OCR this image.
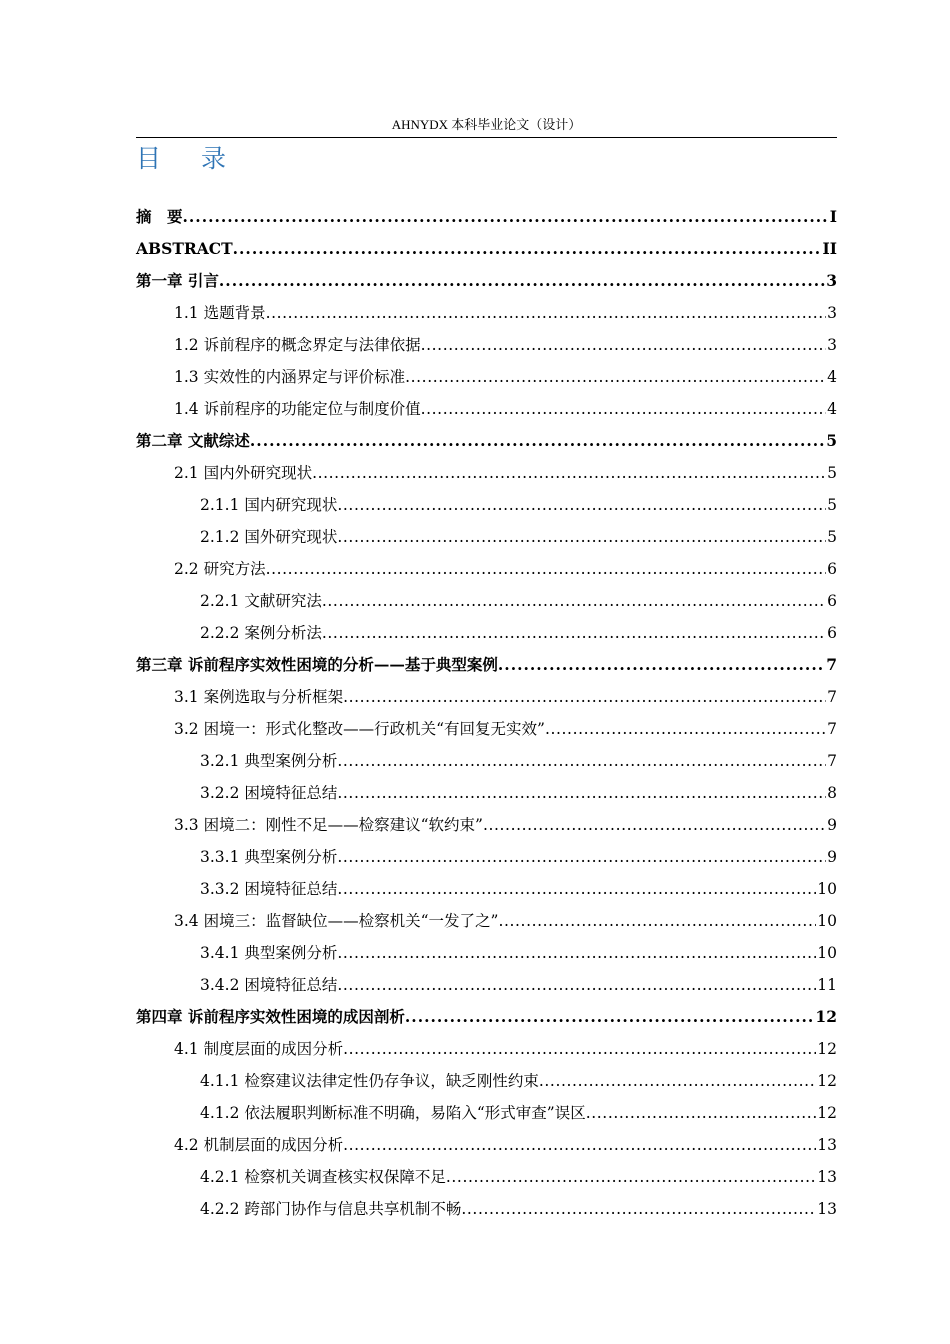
AHNYDX 本科毕业论文（设计）
目 录
摘　要 .....	I
ABSTRACT .....	II
第一章 引言 .....	3
1.1 选题背景 .....	3
1.2 诉前程序的概念界定与法律依据 .....	3
1.3 实效性的内涵界定与评价标准 .....	4
1.4 诉前程序的功能定位与制度价值 .....	4
第二章 文献综述 .....	5
2.1 国内外研究现状 .....	5
2.1.1 国内研究现状 .....	5
2.1.2 国外研究现状 .....	5
2.2 研究方法 .....	6
2.2.1 文献研究法 .....	6
2.2.2 案例分析法 .....	6
第三章 诉前程序实效性困境的分析——基于典型案例 .....	7
3.1 案例选取与分析框架 .....	7
3.2 困境一：形式化整改——行政机关“有回复无实效” .....	7
3.2.1 典型案例分析 .....	7
3.2.2 困境特征总结 .....	8
3.3 困境二：刚性不足——检察建议“软约束” .....	9
3.3.1 典型案例分析 .....	9
3.3.2 困境特征总结 .....	10
3.4 困境三：监督缺位——检察机关“一发了之” .....	10
3.4.1 典型案例分析 .....	10
3.4.2 困境特征总结 .....	11
第四章 诉前程序实效性困境的成因剖析 .....	12
4.1 制度层面的成因分析 .....	12
4.1.1 检察建议法律定性仍存争议，缺乏刚性约束 .....	12
4.1.2 依法履职判断标准不明确，易陷入“形式审查”误区 .....	12
4.2 机制层面的成因分析 .....	13
4.2.1 检察机关调查核实权保障不足 .....	13
4.2.2 跨部门协作与信息共享机制不畅 .....	13
